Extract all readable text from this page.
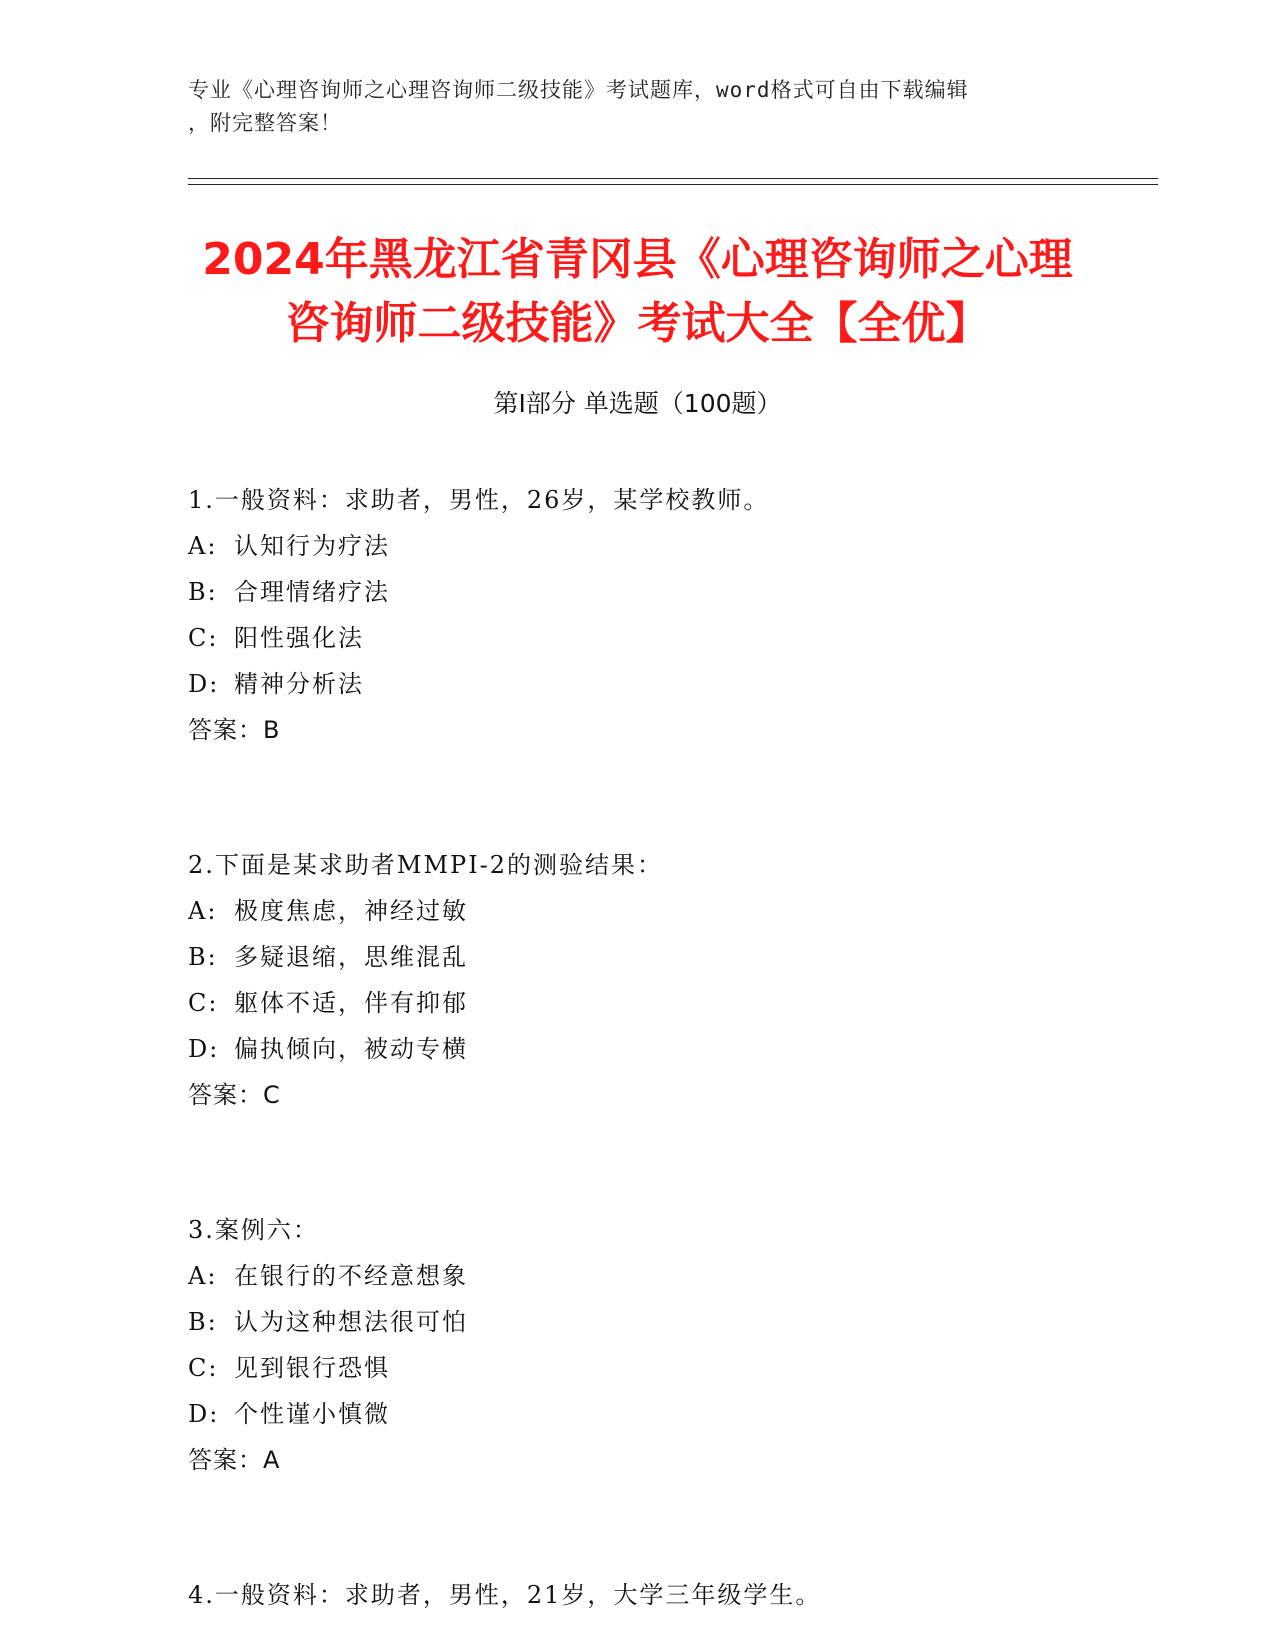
专业《心理咨询师之心理咨询师二级技能》考试题库，word格式可自由下载编辑
，附完整答案！
2024年黑龙江省青冈县《心理咨询师之心理
咨询师二级技能》考试大全【全优】
第Ⅰ部分 单选题（100题）
1.一般资料：求助者，男性，26岁，某学校教师。
A: 认知行为疗法
B: 合理情绪疗法
C: 阳性强化法
D: 精神分析法
答案：B
2.下面是某求助者MMPI-2的测验结果：
A: 极度焦虑，神经过敏
B: 多疑退缩，思维混乱
C: 躯体不适，伴有抑郁
D: 偏执倾向，被动专横
答案：C
3.案例六：
A: 在银行的不经意想象
B: 认为这种想法很可怕
C: 见到银行恐惧
D: 个性谨小慎微
答案：A
4.一般资料：求助者，男性，21岁，大学三年级学生。
